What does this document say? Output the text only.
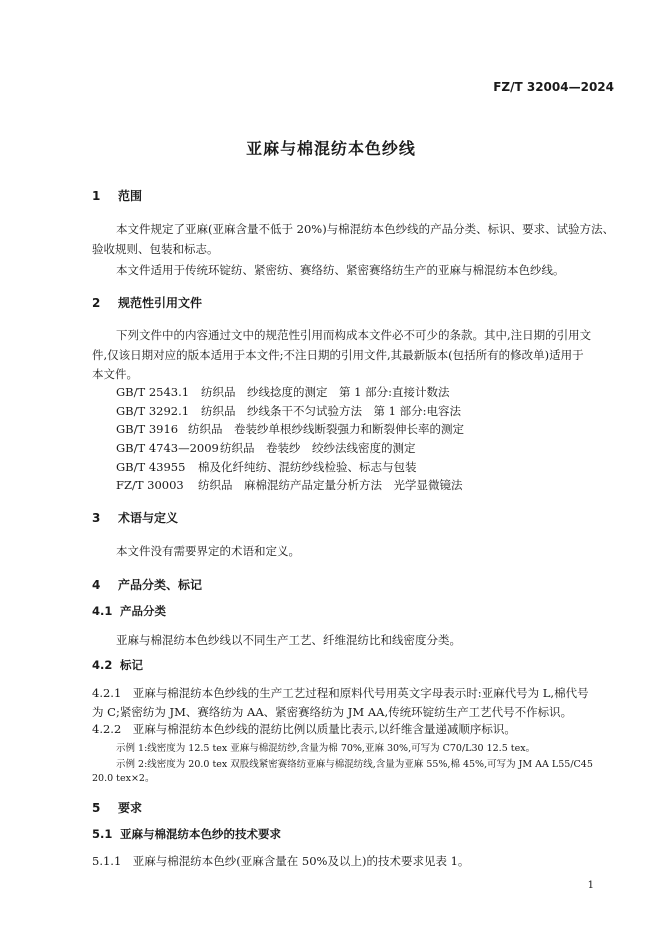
FZ/T 32004—2024
亚麻与棉混纺本色纱线
1 范围
本文件规定了亚麻(亚麻含量不低于 20%)与棉混纺本色纱线的产品分类、标识、要求、试验方法、
验收规则、包装和标志。
本文件适用于传统环锭纺、紧密纺、赛络纺、紧密赛络纺生产的亚麻与棉混纺本色纱线。
2 规范性引用文件
下列文件中的内容通过文中的规范性引用而构成本文件必不可少的条款。其中,注日期的引用文
件,仅该日期对应的版本适用于本文件;不注日期的引用文件,其最新版本(包括所有的修改单)适用于
本文件。
GB/T 2543.1 纺织品　纱线捻度的测定　第 1 部分:直接计数法
GB/T 3292.1 纺织品　纱线条干不匀试验方法　第 1 部分:电容法
GB/T 3916 纺织品　卷装纱单根纱线断裂强力和断裂伸长率的测定
GB/T 4743—2009纺织品　卷装纱　绞纱法线密度的测定
GB/T 43955 棉及化纤纯纺、混纺纱线检验、标志与包装
FZ/T 30003 纺织品　麻棉混纺产品定量分析方法　光学显微镜法
3 术语与定义
本文件没有需要界定的术语和定义。
4 产品分类、标记
4.1 产品分类
亚麻与棉混纺本色纱线以不同生产工艺、纤维混纺比和线密度分类。
4.2 标记
4.2.1　亚麻与棉混纺本色纱线的生产工艺过程和原料代号用英文字母表示时:亚麻代号为 L,棉代号
为 C;紧密纺为 JM、赛络纺为 AA、紧密赛络纺为 JM AA,传统环锭纺生产工艺代号不作标识。
4.2.2　亚麻与棉混纺本色纱线的混纺比例以质量比表示,以纤维含量递减顺序标识。
示例 1:线密度为 12.5 tex 亚麻与棉混纺纱,含量为棉 70%,亚麻 30%,可写为 C70/L30 12.5 tex。
示例 2:线密度为 20.0 tex 双股线紧密赛络纺亚麻与棉混纺线,含量为亚麻 55%,棉 45%,可写为 JM AA L55/C45
20.0 tex×2。
5 要求
5.1 亚麻与棉混纺本色纱的技术要求
5.1.1　亚麻与棉混纺本色纱(亚麻含量在 50%及以上)的技术要求见表 1。
1
